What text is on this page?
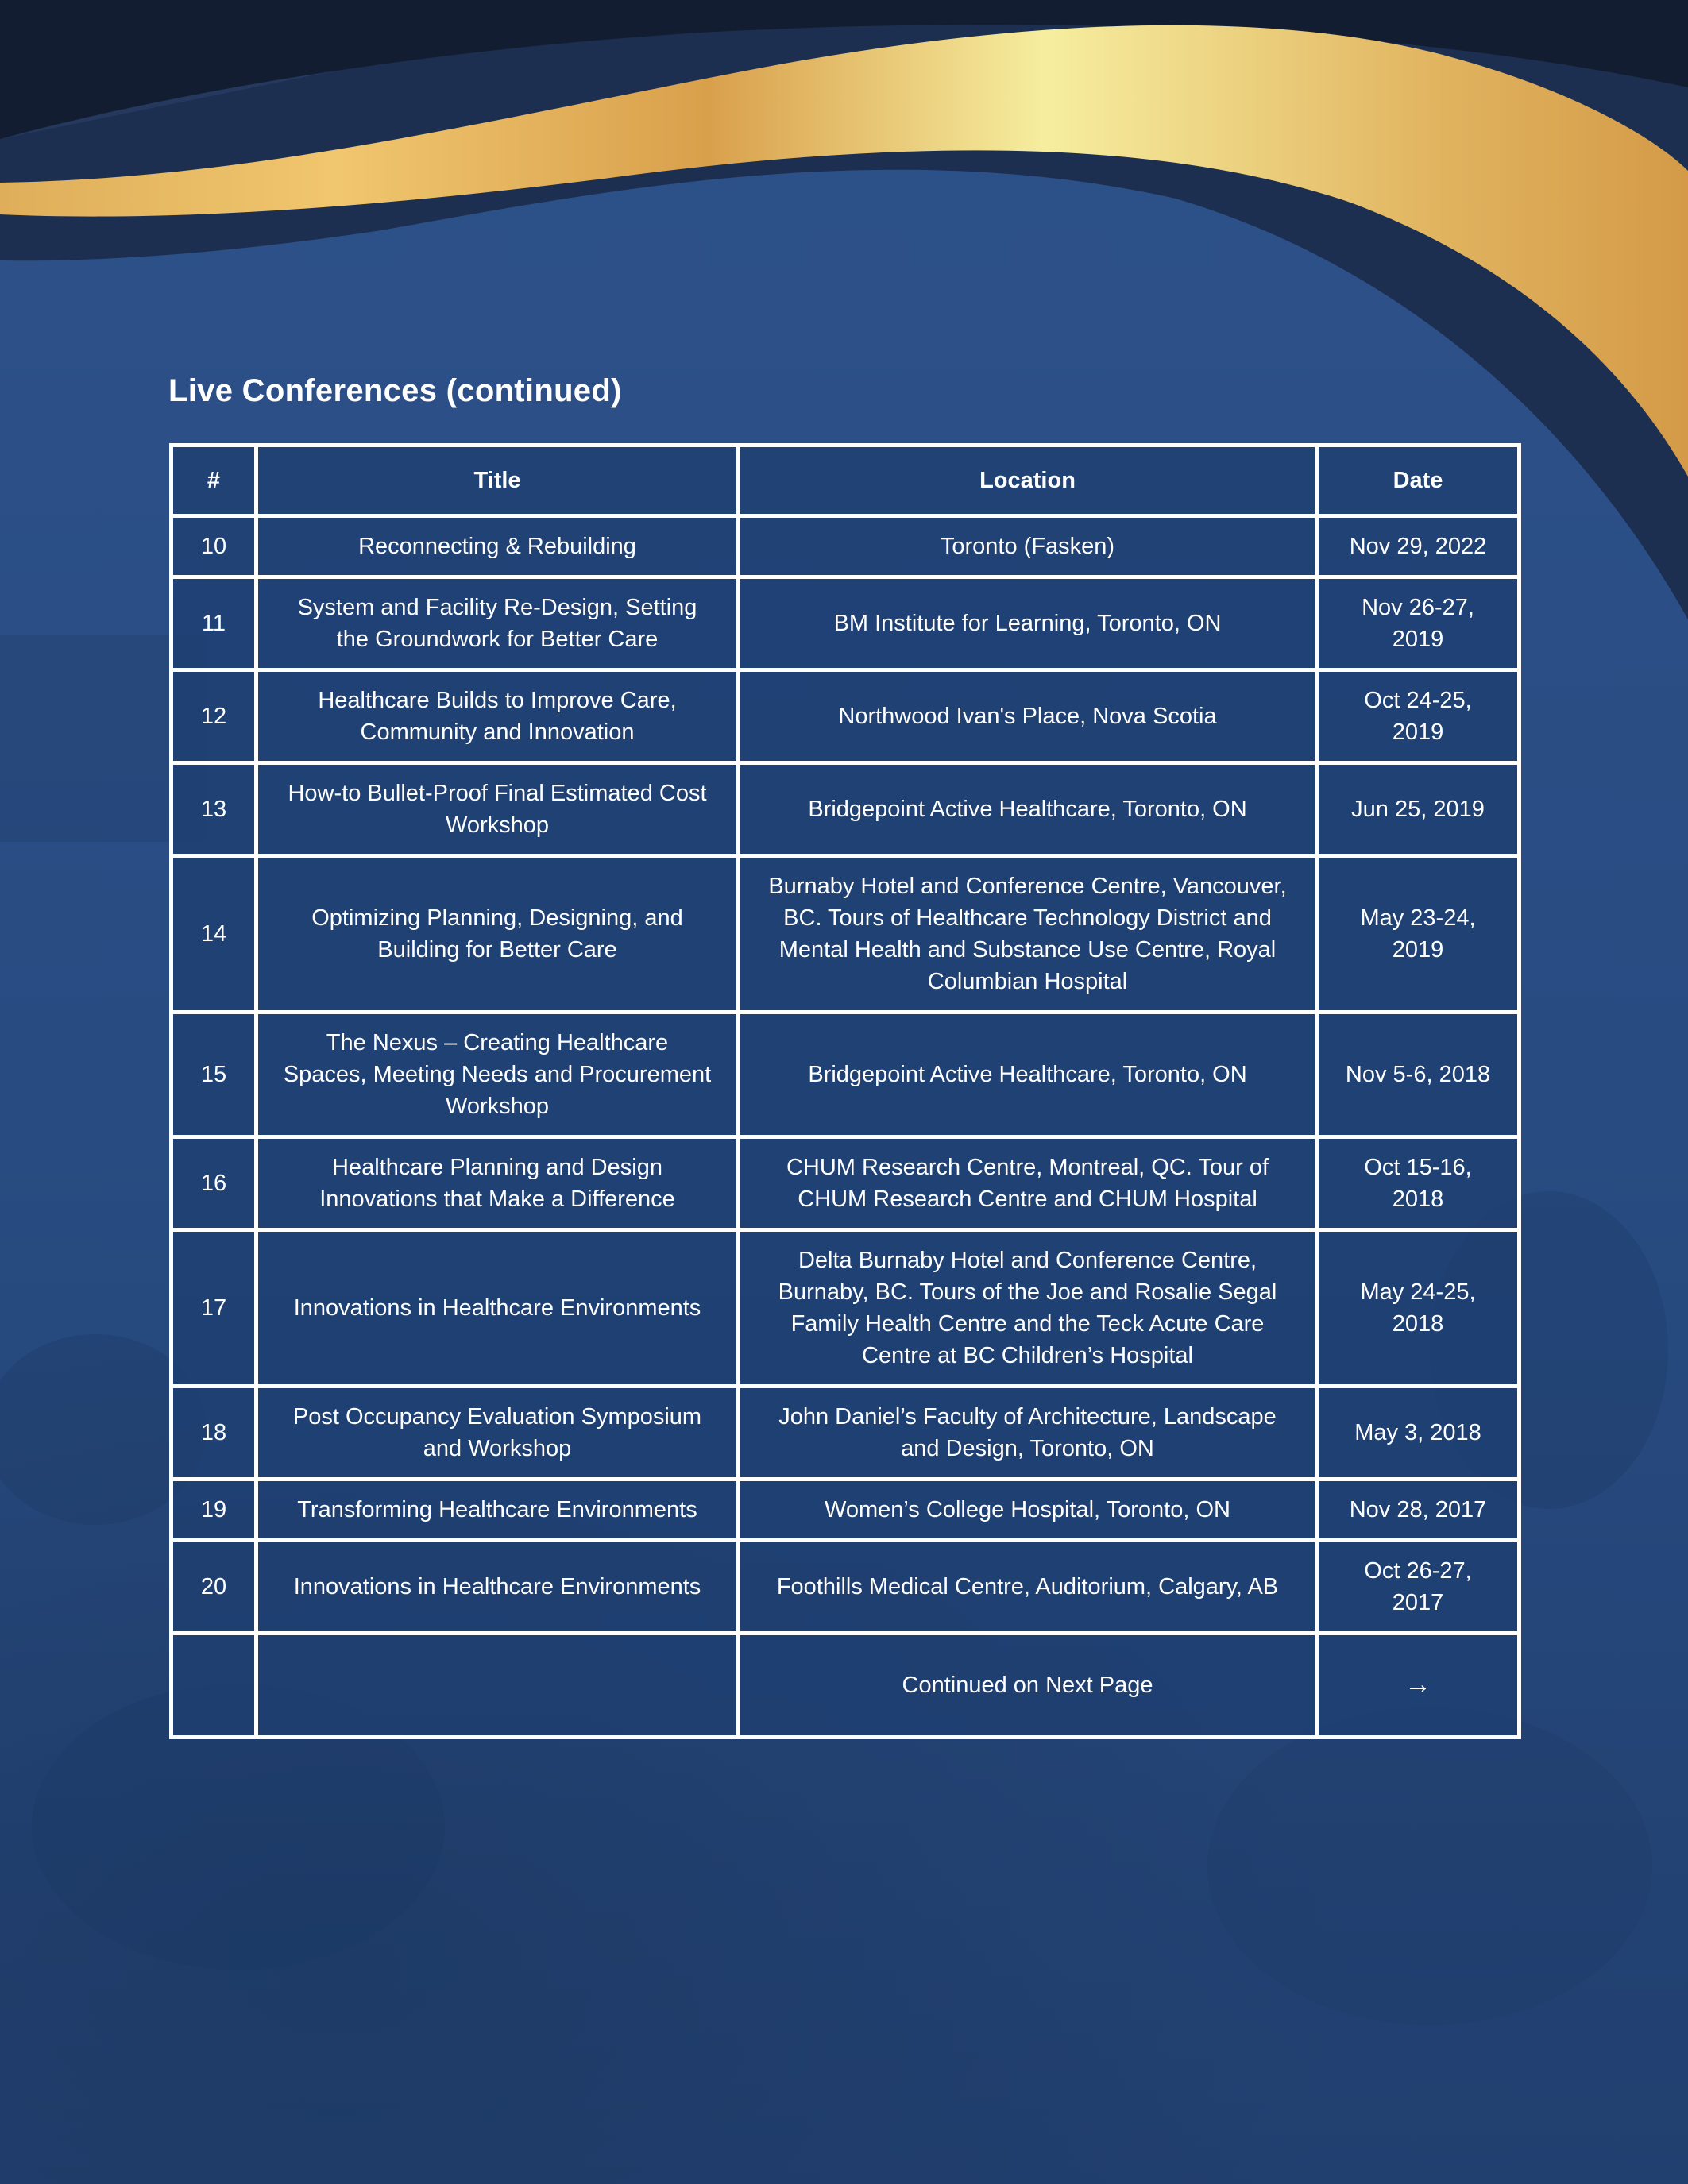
Live Conferences (continued)
#	Title	Location	Date
10	Reconnecting & Rebuilding	Toronto (Fasken)	Nov 29, 2022
11	System and Facility Re-Design, Setting the Groundwork for Better Care	BM Institute for Learning, Toronto, ON	Nov 26-27, 2019
12	Healthcare Builds to Improve Care, Community and Innovation	Northwood Ivan's Place, Nova Scotia	Oct 24-25, 2019
13	How-to Bullet-Proof Final Estimated Cost Workshop	Bridgepoint Active Healthcare, Toronto, ON	Jun 25, 2019
14	Optimizing Planning, Designing, and Building for Better Care	Burnaby Hotel and Conference Centre, Vancouver, BC. Tours of Healthcare Technology District and Mental Health and Substance Use Centre, Royal Columbian Hospital	May 23-24, 2019
15	The Nexus – Creating Healthcare Spaces, Meeting Needs and Procurement Workshop	Bridgepoint Active Healthcare, Toronto, ON	Nov 5-6, 2018
16	Healthcare Planning and Design Innovations that Make a Difference	CHUM Research Centre, Montreal, QC. Tour of CHUM Research Centre and CHUM Hospital	Oct 15-16, 2018
17	Innovations in Healthcare Environments	Delta Burnaby Hotel and Conference Centre, Burnaby, BC. Tours of the Joe and Rosalie Segal Family Health Centre and the Teck Acute Care Centre at BC Children’s Hospital	May 24-25, 2018
18	Post Occupancy Evaluation Symposium and Workshop	John Daniel’s Faculty of Architecture, Landscape and Design, Toronto, ON	May 3, 2018
19	Transforming Healthcare Environments	Women’s College Hospital, Toronto, ON	Nov 28, 2017
20	Innovations in Healthcare Environments	Foothills Medical Centre, Auditorium, Calgary, AB	Oct 26-27, 2017
		Continued on Next Page	→
